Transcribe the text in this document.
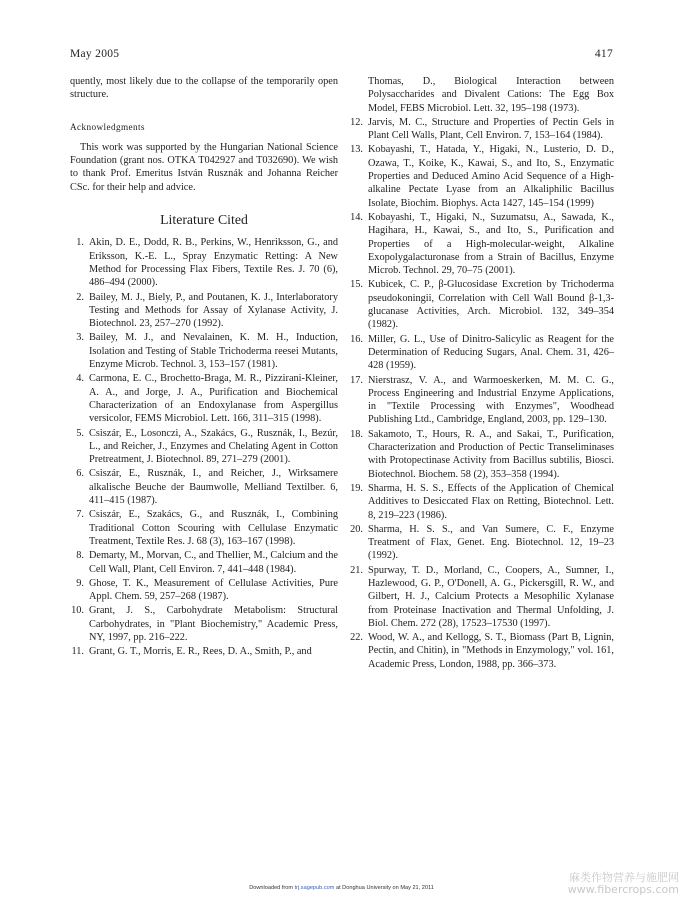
May 2005	417

quently, most likely due to the collapse of the temporarily open structure.

Acknowledgments

This work was supported by the Hungarian National Science Foundation (grant nos. OTKA T042927 and T032690). We wish to thank Prof. Emeritus István Rusznák and Johanna Reicher CSc. for their help and advice.

Literature Cited
1. Akin, D. E., Dodd, R. B., Perkins, W., Henriksson, G., and Eriksson, K.-E. L., Spray Enzymatic Retting: A New Method for Processing Flax Fibers, Textile Res. J. 70 (6), 486–494 (2000).
2. Bailey, M. J., Biely, P., and Poutanen, K. J., Interlaboratory Testing and Methods for Assay of Xylanase Activity, J. Biotechnol. 23, 257–270 (1992).
3. Bailey, M. J., and Nevalainen, K. M. H., Induction, Isolation and Testing of Stable Trichoderma reesei Mutants, Enzyme Microb. Technol. 3, 153–157 (1981).
4. Carmona, E. C., Brochetto-Braga, M. R., Pizzirani-Kleiner, A. A., and Jorge, J. A., Purification and Biochemical Characterization of an Endoxylanase from Aspergillus versicolor, FEMS Microbiol. Lett. 166, 311–315 (1998).
5. Csiszár, E., Losonczi, A., Szakács, G., Rusznák, I., Bezúr, L., and Reicher, J., Enzymes and Chelating Agent in Cotton Pretreatment, J. Biotechnol. 89, 271–279 (2001).
6. Csiszár, E., Rusznák, I., and Reicher, J., Wirksamere alkalische Beuche der Baumwolle, Melliand Textilber. 6, 411–415 (1987).
7. Csiszár, E., Szakács, G., and Rusznák, I., Combining Traditional Cotton Scouring with Cellulase Enzymatic Treatment, Textile Res. J. 68 (3), 163–167 (1998).
8. Demarty, M., Morvan, C., and Thellier, M., Calcium and the Cell Wall, Plant, Cell Environ. 7, 441–448 (1984).
9. Ghose, T. K., Measurement of Cellulase Activities, Pure Appl. Chem. 59, 257–268 (1987).
10. Grant, J. S., Carbohydrate Metabolism: Structural Carbohydrates, in "Plant Biochemistry," Academic Press, NY, 1997, pp. 216–222.
11. Grant, G. T., Morris, E. R., Rees, D. A., Smith, P., and

Thomas, D., Biological Interaction between Polysaccharides and Divalent Cations: The Egg Box Model, FEBS Microbiol. Lett. 32, 195–198 (1973).

12. Jarvis, M. C., Structure and Properties of Pectin Gels in Plant Cell Walls, Plant, Cell Environ. 7, 153–164 (1984).
13. Kobayashi, T., Hatada, Y., Higaki, N., Lusterio, D. D., Ozawa, T., Koike, K., Kawai, S., and Ito, S., Enzymatic Properties and Deduced Amino Acid Sequence of a High-alkaline Pectate Lyase from an Alkaliphilic Bacillus Isolate, Biochim. Biophys. Acta 1427, 145–154 (1999)
14. Kobayashi, T., Higaki, N., Suzumatsu, A., Sawada, K., Hagihara, H., Kawai, S., and Ito, S., Purification and Properties of a High-molecular-weight, Alkaline Exopolygalacturonase from a Strain of Bacillus, Enzyme Microb. Technol. 29, 70–75 (2001).
15. Kubicek, C. P., β-Glucosidase Excretion by Trichoderma pseudokoningii, Correlation with Cell Wall Bound β-1,3-glucanase Activities, Arch. Microbiol. 132, 349–354 (1982).
16. Miller, G. L., Use of Dinitro-Salicylic as Reagent for the Determination of Reducing Sugars, Anal. Chem. 31, 426–428 (1959).
17. Nierstrasz, V. A., and Warmoeskerken, M. M. C. G., Process Engineering and Industrial Enzyme Applications, in "Textile Processing with Enzymes", Woodhead Publishing Ltd., Cambridge, England, 2003, pp. 129–130.
18. Sakamoto, T., Hours, R. A., and Sakai, T., Purification, Characterization and Production of Pectic Transeliminases with Protopectinase Activity from Bacillus subtilis, Biosci. Biotechnol. Biochem. 58 (2), 353–358 (1994).
19. Sharma, H. S. S., Effects of the Application of Chemical Additives to Desiccated Flax on Retting, Biotechnol. Lett. 8, 219–223 (1986).
20. Sharma, H. S. S., and Van Sumere, C. F., Enzyme Treatment of Flax, Genet. Eng. Biotechnol. 12, 19–23 (1992).
21. Spurway, T. D., Morland, C., Coopers, A., Sumner, I., Hazlewood, G. P., O'Donell, A. G., Pickersgill, R. W., and Gilbert, H. J., Calcium Protects a Mesophilic Xylanase from Proteinase Inactivation and Thermal Unfolding, J. Biol. Chem. 272 (28), 17523–17530 (1997).
22. Wood, W. A., and Kellogg, S. T., Biomass (Part B, Lignin, Pectin, and Chitin), in "Methods in Enzymology," vol. 161, Academic Press, London, 1988, pp. 366–373.
Downloaded from trj.sagepub.com at Donghua University on May 21, 2011
麻类作物营养与施肥网
www.fibercrops.com
